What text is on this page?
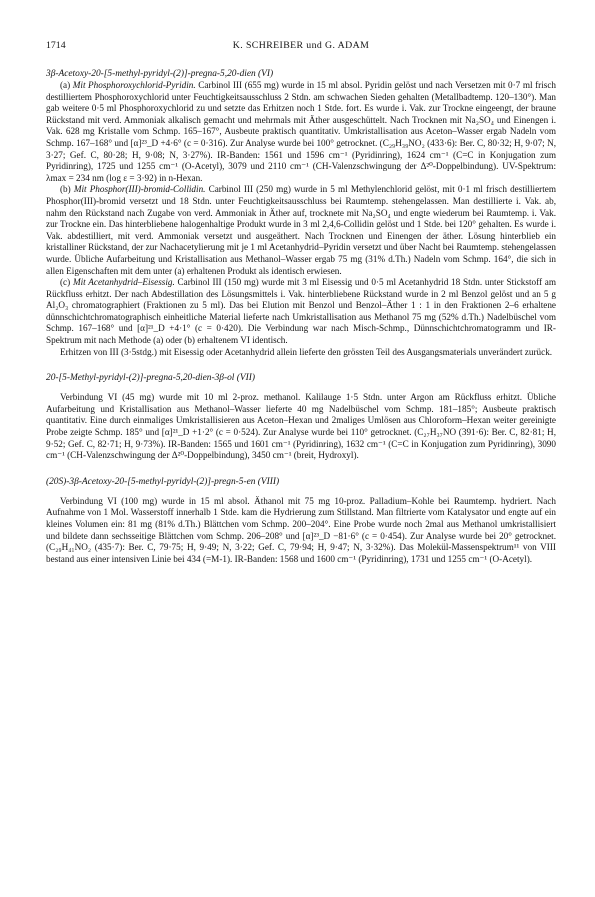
1714	K. SCHREIBER und G. ADAM

3β-Acetoxy-20-[5-methyl-pyridyl-(2)]-pregna-5,20-dien (VI)

(a) Mit Phosphoroxychlorid-Pyridin. Carbinol III (655 mg) wurde in 15 ml absol. Pyridin gelöst und nach Versetzen mit 0·7 ml frisch destilliertem Phosphoroxychlorid unter Feuchtigkeitsausschluss 2 Stdn. am schwachen Sieden gehalten (Metallbadtemp. 120–130°). Man gab weitere 0·5 ml Phosphoroxychlorid zu und setzte das Erhitzen noch 1 Stde. fort. Es wurde i. Vak. zur Trockne eingeengt, der braune Rückstand mit verd. Ammoniak alkalisch gemacht und mehrmals mit Äther ausgeschüttelt. Nach Trocknen mit Na₂SO₄ und Einengen i. Vak. 628 mg Kristalle vom Schmp. 165–167°, Ausbeute praktisch quantitativ. Umkristallisation aus Aceton–Wasser ergab Nadeln vom Schmp. 167–168° und [α]²³_D +4·6° (c = 0·316). Zur Analyse wurde bei 100° getrocknet. (C₂₉H₃₉NO₂ (433·6): Ber. C, 80·32; H, 9·07; N, 3·27; Gef. C, 80·28; H, 9·08; N, 3·27%). IR-Banden: 1561 und 1596 cm⁻¹ (Pyridinring), 1624 cm⁻¹ (C=C in Konjugation zum Pyridinring), 1725 und 1255 cm⁻¹ (O-Acetyl), 3079 und 2110 cm⁻¹ (CH-Valenzschwingung der Δ²⁰-Doppelbindung). UV-Spektrum: λmax = 234 nm (log ε = 3·92) in n-Hexan.

(b) Mit Phosphor(III)-bromid-Collidin. Carbinol III (250 mg) wurde in 5 ml Methylenchlorid gelöst, mit 0·1 ml frisch destilliertem Phosphor(III)-bromid versetzt und 18 Stdn. unter Feuchtigkeitsausschluss bei Raumtemp. stehengelassen. Man destillierte i. Vak. ab, nahm den Rückstand nach Zugabe von verd. Ammoniak in Äther auf, trocknete mit Na₂SO₄ und engte wiederum bei Raumtemp. i. Vak. zur Trockne ein. Das hinterbliebene halogenhaltige Produkt wurde in 3 ml 2,4,6-Collidin gelöst und 1 Stde. bei 120° gehalten. Es wurde i. Vak. abdestilliert, mit verd. Ammoniak versetzt und ausgeäthert. Nach Trocknen und Einengen der äther. Lösung hinterblieb ein kristalliner Rückstand, der zur Nachacetylierung mit je 1 ml Acetanhydrid–Pyridin versetzt und über Nacht bei Raumtemp. stehengelassen wurde. Übliche Aufarbeitung und Kristallisation aus Methanol–Wasser ergab 75 mg (31% d.Th.) Nadeln vom Schmp. 164°, die sich in allen Eigenschaften mit dem unter (a) erhaltenen Produkt als identisch erwiesen.

(c) Mit Acetanhydrid–Eisessig. Carbinol III (150 mg) wurde mit 3 ml Eisessig und 0·5 ml Acetanhydrid 18 Stdn. unter Stickstoff am Rückfluss erhitzt. Der nach Abdestillation des Lösungsmittels i. Vak. hinterbliebene Rückstand wurde in 2 ml Benzol gelöst und an 5 g Al₂O₃ chromatographiert (Fraktionen zu 5 ml). Das bei Elution mit Benzol und Benzol–Äther 1 : 1 in den Fraktionen 2–6 erhaltene dünnschichtchromatographisch einheitliche Material lieferte nach Umkristallisation aus Methanol 75 mg (52% d.Th.) Nadelbüschel vom Schmp. 167–168° und [α]²¹_D +4·1° (c = 0·420). Die Verbindung war nach Misch-Schmp., Dünnschichtchromatogramm und IR-Spektrum mit nach Methode (a) oder (b) erhaltenem VI identisch.

Erhitzen von III (3·5stdg.) mit Eisessig oder Acetanhydrid allein lieferte den grössten Teil des Ausgangsmaterials unverändert zurück.

20-[5-Methyl-pyridyl-(2)]-pregna-5,20-dien-3β-ol (VII)

Verbindung VI (45 mg) wurde mit 10 ml 2-proz. methanol. Kalilauge 1·5 Stdn. unter Argon am Rückfluss erhitzt. Übliche Aufarbeitung und Kristallisation aus Methanol–Wasser lieferte 40 mg Nadelbüschel vom Schmp. 181–185°; Ausbeute praktisch quantitativ. Eine durch einmaliges Umkristallisieren aus Aceton–Hexan und 2maliges Umlösen aus Chloroform–Hexan weiter gereinigte Probe zeigte Schmp. 185° und [α]²¹_D +1·2° (c = 0·524). Zur Analyse wurde bei 110° getrocknet. (C₂₇H₃₇NO (391·6): Ber. C, 82·81; H, 9·52; Gef. C, 82·71; H, 9·73%). IR-Banden: 1565 und 1601 cm⁻¹ (Pyridinring), 1632 cm⁻¹ (C=C in Konjugation zum Pyridinring), 3090 cm⁻¹ (CH-Valenzschwingung der Δ²⁰-Doppelbindung), 3450 cm⁻¹ (breit, Hydroxyl).

(20S)-3β-Acetoxy-20-[5-methyl-pyridyl-(2)]-pregn-5-en (VIII)

Verbindung VI (100 mg) wurde in 15 ml absol. Äthanol mit 75 mg 10-proz. Palladium–Kohle bei Raumtemp. hydriert. Nach Aufnahme von 1 Mol. Wasserstoff innerhalb 1 Stde. kam die Hydrierung zum Stillstand. Man filtrierte vom Katalysator und engte auf ein kleines Volumen ein: 81 mg (81% d.Th.) Blättchen vom Schmp. 200–204°. Eine Probe wurde noch 2mal aus Methanol umkristallisiert und bildete dann sechsseitige Blättchen vom Schmp. 206–208° und [α]²³_D −81·6° (c = 0·454). Zur Analyse wurde bei 20° getrocknet. (C₂₉H₄₁NO₂ (435·7): Ber. C, 79·75; H, 9·49; N, 3·22; Gef. C, 79·94; H, 9·47; N, 3·32%). Das Molekül-Massenspektrum¹¹ von VIII bestand aus einer intensiven Linie bei 434 (=M-1). IR-Banden: 1568 und 1600 cm⁻¹ (Pyridinring), 1731 und 1255 cm⁻¹ (O-Acetyl).
